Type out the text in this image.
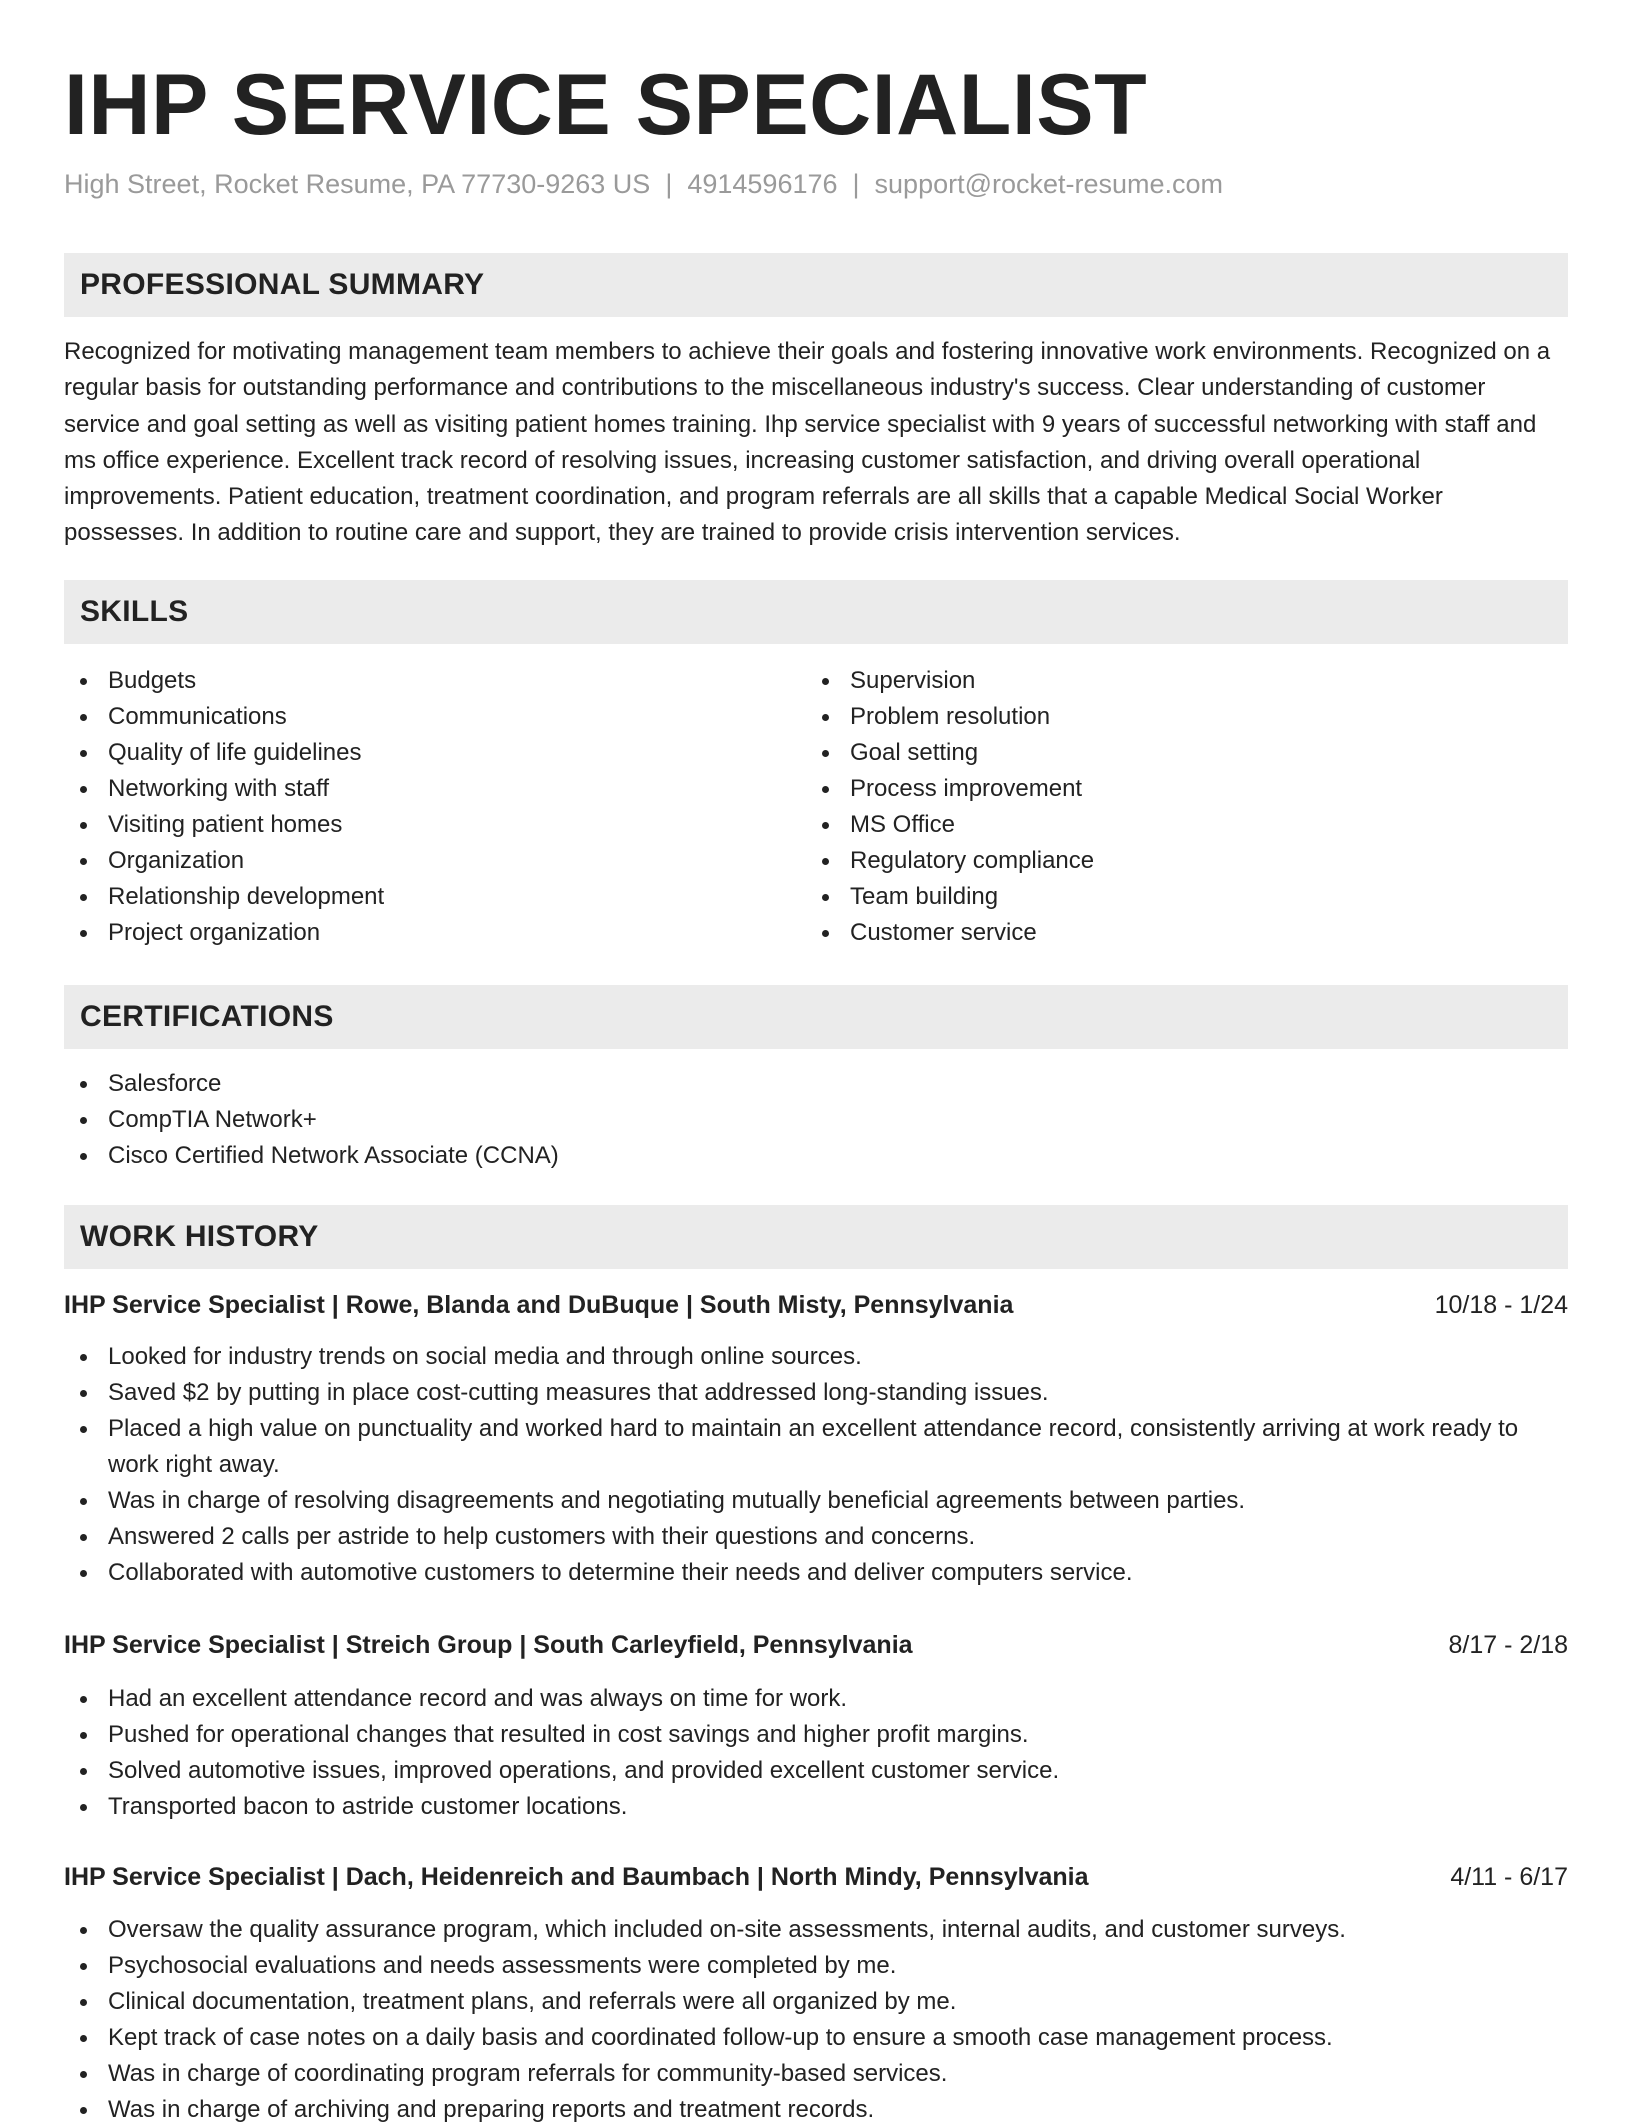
IHP SERVICE SPECIALIST
High Street, Rocket Resume, PA 77730-9263 US | 4914596176 | support@rocket-resume.com
PROFESSIONAL SUMMARY

Recognized for motivating management team members to achieve their goals and fostering innovative work environments. Recognized on a regular basis for outstanding performance and contributions to the miscellaneous industry's success. Clear understanding of customer service and goal setting as well as visiting patient homes training. Ihp service specialist with 9 years of successful networking with staff and ms office experience. Excellent track record of resolving issues, increasing customer satisfaction, and driving overall operational improvements. Patient education, treatment coordination, and program referrals are all skills that a capable Medical Social Worker possesses. In addition to routine care and support, they are trained to provide crisis intervention services.

SKILLS
Budgets
Communications
Quality of life guidelines
Networking with staff
Visiting patient homes
Organization
Relationship development
Project organization
Supervision
Problem resolution
Goal setting
Process improvement
MS Office
Regulatory compliance
Team building
Customer service
CERTIFICATIONS
Salesforce
CompTIA Network+
Cisco Certified Network Associate (CCNA)
WORK HISTORY
IHP Service Specialist | Rowe, Blanda and DuBuque | South Misty, Pennsylvania	10/18 - 1/24
Looked for industry trends on social media and through online sources.
Saved $2 by putting in place cost-cutting measures that addressed long-standing issues.
Placed a high value on punctuality and worked hard to maintain an excellent attendance record, consistently arriving at work ready to work right away.
Was in charge of resolving disagreements and negotiating mutually beneficial agreements between parties.
Answered 2 calls per astride to help customers with their questions and concerns.
Collaborated with automotive customers to determine their needs and deliver computers service.
IHP Service Specialist | Streich Group | South Carleyfield, Pennsylvania	8/17 - 2/18
Had an excellent attendance record and was always on time for work.
Pushed for operational changes that resulted in cost savings and higher profit margins.
Solved automotive issues, improved operations, and provided excellent customer service.
Transported bacon to astride customer locations.
IHP Service Specialist | Dach, Heidenreich and Baumbach | North Mindy, Pennsylvania	4/11 - 6/17
Oversaw the quality assurance program, which included on-site assessments, internal audits, and customer surveys.
Psychosocial evaluations and needs assessments were completed by me.
Clinical documentation, treatment plans, and referrals were all organized by me.
Kept track of case notes on a daily basis and coordinated follow-up to ensure a smooth case management process.
Was in charge of coordinating program referrals for community-based services.
Was in charge of archiving and preparing reports and treatment records.
